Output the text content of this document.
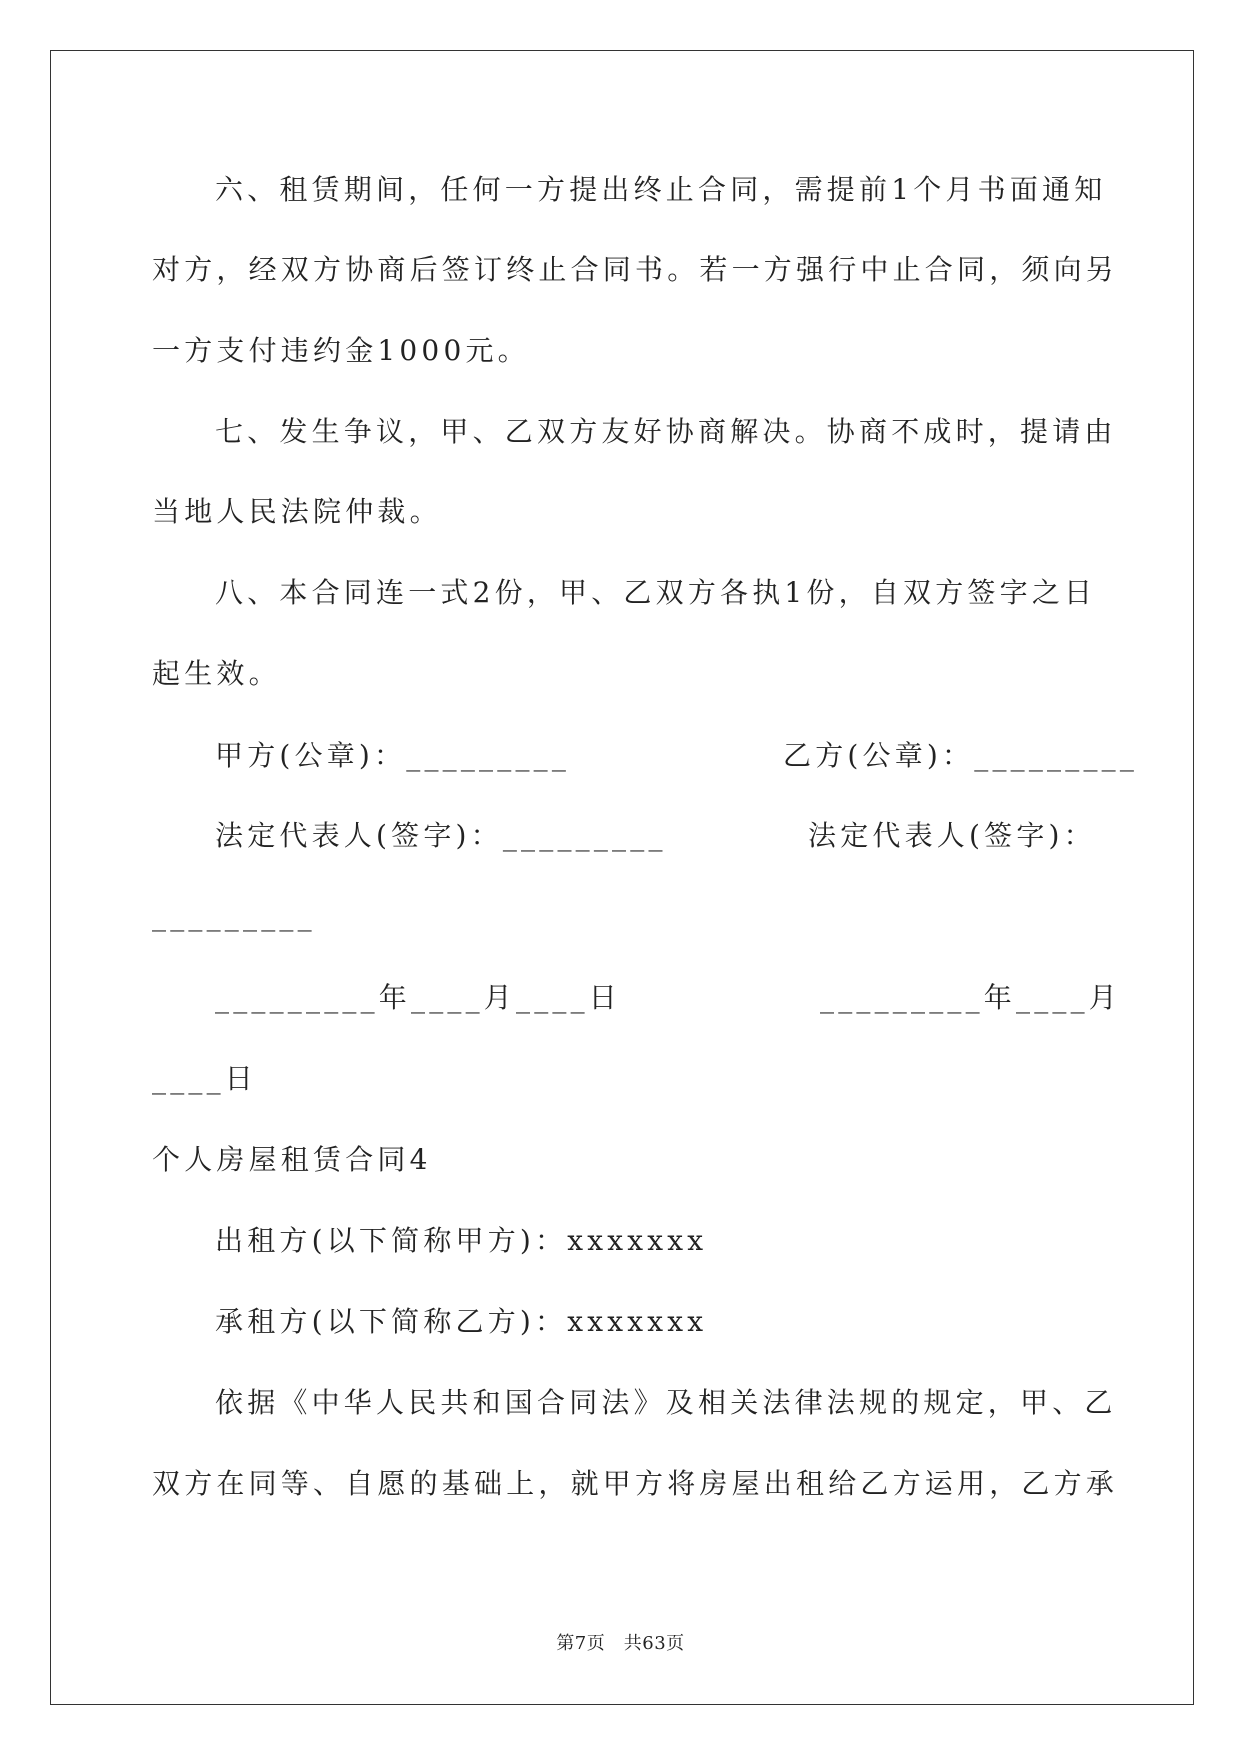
六、租赁期间，任何一方提出终止合同，需提前1个月书面通知
对方，经双方协商后签订终止合同书。若一方强行中止合同，须向另
一方支付违约金1000元。
七、发生争议，甲、乙双方友好协商解决。协商不成时，提请由
当地人民法院仲裁。
八、本合同连一式2份，甲、乙双方各执1份，自双方签字之日
起生效。
甲方(公章)：_________	乙方(公章)：_________
法定代表人(签字)：_________	法定代表人(签字)：
_________
_________年____月____日	_________年____月
____日
个人房屋租赁合同4
出租方(以下简称甲方)：xxxxxxx
承租方(以下简称乙方)：xxxxxxx
依据《中华人民共和国合同法》及相关法律法规的规定，甲、乙
双方在同等、自愿的基础上，就甲方将房屋出租给乙方运用，乙方承
第7页　共63页
